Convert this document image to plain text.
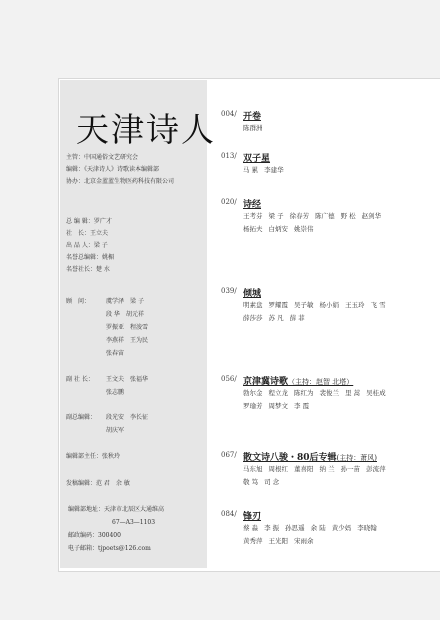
天津诗人
主管：中国通俗文艺研究会
编辑：《天津诗人》诗歌读本编辑部
协办：北京金蓝蓝生物医药科技有限公司
总 编 辑：罗广才
社　长：王立夫
出 品 人：梁 子
名誉总编辑：姚楣
名誉社长：楚 水
顾　问：	虞学泽　 梁 子
段 华　 胡元祥
罗振亚　 程浚雪
李燕祥　 王为民
张春宙
副 社 长： 王文夫　 张福华
张志鹏
副总编辑： 段光安　 李长征
胡庆军
编辑部主任：张秋玲
发稿编辑：范 君　余 敏
编辑部地址：天津市北辰区大通维高
67—A3—1103
邮政编码：300400
电子邮箱：tjpoets@126.com
004/ 开卷
陈群洲
013/ 双子星
马 累 李建华
020/ 诗经
王考芬 梁 子 徐春芳 陈广德 野 松 赵剑华杨拓夫 白炳安 姚崇伟
039/ 倾城
明素盘 罗耀霞 吴子敏 杨小娟 王玉玲 飞 雪薛莎莎 苏 凡 薛 菲
056/ 京津冀诗歌（主持：赵智 北塔）
勃尔金 程立龙 陈红为 裴俊兰 里 蒿 吴桂成罗瑜芳 周梦文 李 霞
067/ 散文诗八骏・80后专辑(主持：萧风)
马东旭 周根红 董喜阳 纳 兰 孙一苗 彭流萍敬 笃 司 念
084/ 锋刃
蔡 淼 李 振 孙思遥 余 陆 黄少妈 李晓翰黄秀萍 王光阳 宋雨余
